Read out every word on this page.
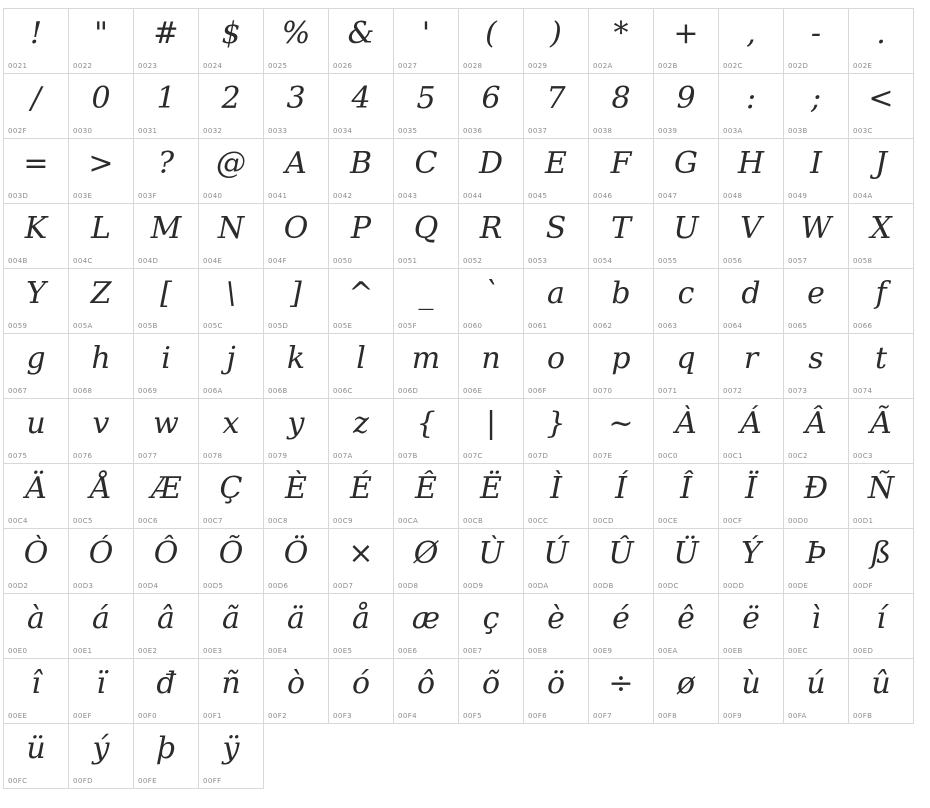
!
0021
"
0022
#
0023
$
0024
%
0025
&
0026
'
0027
(
0028
)
0029
*
002A
+
002B
,
002C
-
002D
.
002E
/
002F
0
0030
1
0031
2
0032
3
0033
4
0034
5
0035
6
0036
7
0037
8
0038
9
0039
:
003A
;
003B
<
003C
=
003D
>
003E
?
003F
@
0040
A
0041
B
0042
C
0043
D
0044
E
0045
F
0046
G
0047
H
0048
I
0049
J
004A
K
004B
L
004C
M
004D
N
004E
O
004F
P
0050
Q
0051
R
0052
S
0053
T
0054
U
0055
V
0056
W
0057
X
0058
Y
0059
Z
005A
[
005B
\
005C
]
005D
^
005E
_
005F
`
0060
a
0061
b
0062
c
0063
d
0064
e
0065
f
0066
g
0067
h
0068
i
0069
j
006A
k
006B
l
006C
m
006D
n
006E
o
006F
p
0070
q
0071
r
0072
s
0073
t
0074
u
0075
v
0076
w
0077
x
0078
y
0079
z
007A
{
007B
|
007C
}
007D
~
007E
À
00C0
Á
00C1
Â
00C2
Ã
00C3
Ä
00C4
Å
00C5
Æ
00C6
Ç
00C7
È
00C8
É
00C9
Ê
00CA
Ë
00CB
Ì
00CC
Í
00CD
Î
00CE
Ï
00CF
Ð
00D0
Ñ
00D1
Ò
00D2
Ó
00D3
Ô
00D4
Õ
00D5
Ö
00D6
×
00D7
Ø
00D8
Ù
00D9
Ú
00DA
Û
00DB
Ü
00DC
Ý
00DD
Þ
00DE
ß
00DF
à
00E0
á
00E1
â
00E2
ã
00E3
ä
00E4
å
00E5
æ
00E6
ç
00E7
è
00E8
é
00E9
ê
00EA
ë
00EB
ì
00EC
í
00ED
î
00EE
ï
00EF
đ
00F0
ñ
00F1
ò
00F2
ó
00F3
ô
00F4
õ
00F5
ö
00F6
÷
00F7
ø
00F8
ù
00F9
ú
00FA
û
00FB
ü
00FC
ý
00FD
þ
00FE
ÿ
00FF
